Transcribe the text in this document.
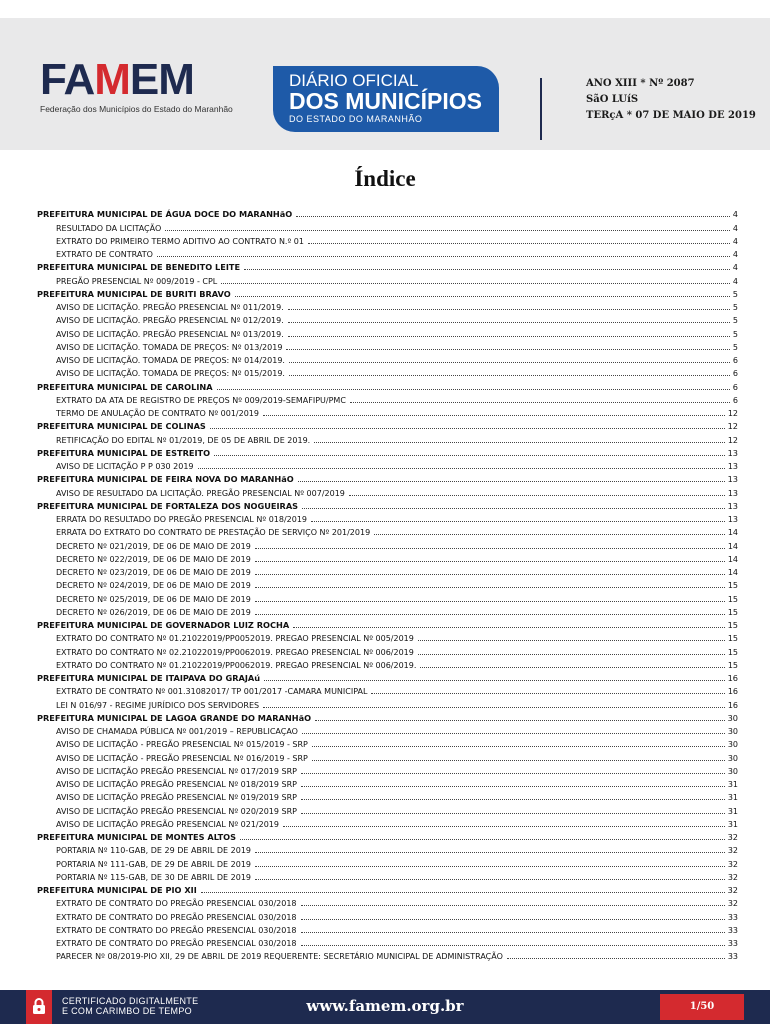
FAMEM
Federação dos Municípios do Estado do Maranhão
DIÁRIO OFICIAL
DOS MUNICÍPIOS
DO ESTADO DO MARANHÃO
ANO XIII * Nº 2087
SãO LUíS
TERçA * 07 DE MAIO DE 2019
Índice
PREFEITURA MUNICIPAL DE ÁGUA DOCE DO MARANHãO	4
RESULTADO DA LICITAÇÃO	4
EXTRATO DO PRIMEIRO TERMO ADITIVO AO CONTRATO N.º 01	4
EXTRATO DE CONTRATO	4
PREFEITURA MUNICIPAL DE BENEDITO LEITE	4
PREGÃO PRESENCIAL Nº 009/2019 - CPL	4
PREFEITURA MUNICIPAL DE BURITI BRAVO	5
AVISO DE LICITAÇÃO. PREGÃO PRESENCIAL Nº 011/2019.	5
AVISO DE LICITAÇÃO. PREGÃO PRESENCIAL Nº 012/2019.	5
AVISO DE LICITAÇÃO. PREGÃO PRESENCIAL Nº 013/2019.	5
AVISO DE LICITAÇÃO. TOMADA DE PREÇOS: Nº 013/2019	5
AVISO DE LICITAÇÃO. TOMADA DE PREÇOS: Nº 014/2019.	6
AVISO DE LICITAÇÃO. TOMADA DE PREÇOS: Nº 015/2019.	6
PREFEITURA MUNICIPAL DE CAROLINA	6
EXTRATO DA ATA DE REGISTRO DE PREÇOS Nº 009/2019-SEMAFIPU/PMC	6
TERMO DE ANULAÇÃO DE CONTRATO Nº 001/2019	12
PREFEITURA MUNICIPAL DE COLINAS	12
RETIFICAÇÃO DO EDITAL Nº 01/2019, DE 05 DE ABRIL DE 2019.	12
PREFEITURA MUNICIPAL DE ESTREITO	13
AVISO DE LICITAÇÃO P P 030 2019	13
PREFEITURA MUNICIPAL DE FEIRA NOVA DO MARANHãO	13
AVISO DE RESULTADO DA LICITAÇÃO. PREGÃO PRESENCIAL Nº 007/2019	13
PREFEITURA MUNICIPAL DE FORTALEZA DOS NOGUEIRAS	13
ERRATA DO RESULTADO DO PREGÃO PRESENCIAL Nº 018/2019	13
ERRATA DO EXTRATO DO CONTRATO DE PRESTAÇÃO DE SERVIÇO Nº 201/2019	14
DECRETO Nº 021/2019, DE 06 DE MAIO DE 2019	14
DECRETO Nº 022/2019, DE 06 DE MAIO DE 2019	14
DECRETO Nº 023/2019, DE 06 DE MAIO DE 2019	14
DECRETO Nº 024/2019, DE 06 DE MAIO DE 2019	15
DECRETO Nº 025/2019, DE 06 DE MAIO DE 2019	15
DECRETO Nº 026/2019, DE 06 DE MAIO DE 2019	15
PREFEITURA MUNICIPAL DE GOVERNADOR LUIZ ROCHA	15
EXTRATO DO CONTRATO Nº 01.21022019/PP0052019. PREGAO PRESENCIAL Nº 005/2019	15
EXTRATO DO CONTRATO Nº 02.21022019/PP0062019. PREGAO PRESENCIAL Nº 006/2019	15
EXTRATO DO CONTRATO Nº 01.21022019/PP0062019. PREGAO PRESENCIAL Nº 006/2019.	15
PREFEITURA MUNICIPAL DE ITAIPAVA DO GRAJAú	16
EXTRATO DE CONTRATO Nº 001.31082017/ TP 001/2017 -CAMARA MUNICIPAL	16
LEI N 016/97 - REGIME JURÍDICO DOS SERVIDORES	16
PREFEITURA MUNICIPAL DE LAGOA GRANDE DO MARANHãO	30
AVISO DE CHAMADA PÚBLICA Nº 001/2019 – REPUBLICAÇAO	30
AVISO DE LICITAÇÃO - PREGÃO PRESENCIAL Nº 015/2019 - SRP	30
AVISO DE LICITAÇÃO - PREGÃO PRESENCIAL Nº 016/2019 - SRP	30
AVISO DE LICITAÇÃO PREGÃO PRESENCIAL Nº 017/2019 SRP	30
AVISO DE LICITAÇÃO PREGÃO PRESENCIAL Nº 018/2019 SRP	31
AVISO DE LICITAÇÃO PREGÃO PRESENCIAL Nº 019/2019 SRP	31
AVISO DE LICITAÇÃO PREGÃO PRESENCIAL Nº 020/2019 SRP	31
AVISO DE LICITAÇÃO PREGÃO PRESENCIAL Nº 021/2019	31
PREFEITURA MUNICIPAL DE MONTES ALTOS	32
PORTARIA Nº 110-GAB, DE 29 DE ABRIL DE 2019	32
PORTARIA Nº 111-GAB, DE 29 DE ABRIL DE 2019	32
PORTARIA Nº 115-GAB, DE 30 DE ABRIL DE 2019	32
PREFEITURA MUNICIPAL DE PIO XII	32
EXTRATO DE CONTRATO DO PREGÃO PRESENCIAL 030/2018	32
EXTRATO DE CONTRATO DO PREGÃO PRESENCIAL 030/2018	33
EXTRATO DE CONTRATO DO PREGÃO PRESENCIAL 030/2018	33
EXTRATO DE CONTRATO DO PREGÃO PRESENCIAL 030/2018	33
PARECER Nº 08/2019-PIO XII, 29 DE ABRIL DE 2019 REQUERENTE: SECRETÁRIO MUNICIPAL DE ADMINISTRAÇÃO	33
CERTIFICADO DIGITALMENTE
E COM CARIMBO DE TEMPO	www.famem.org.br	1/50
